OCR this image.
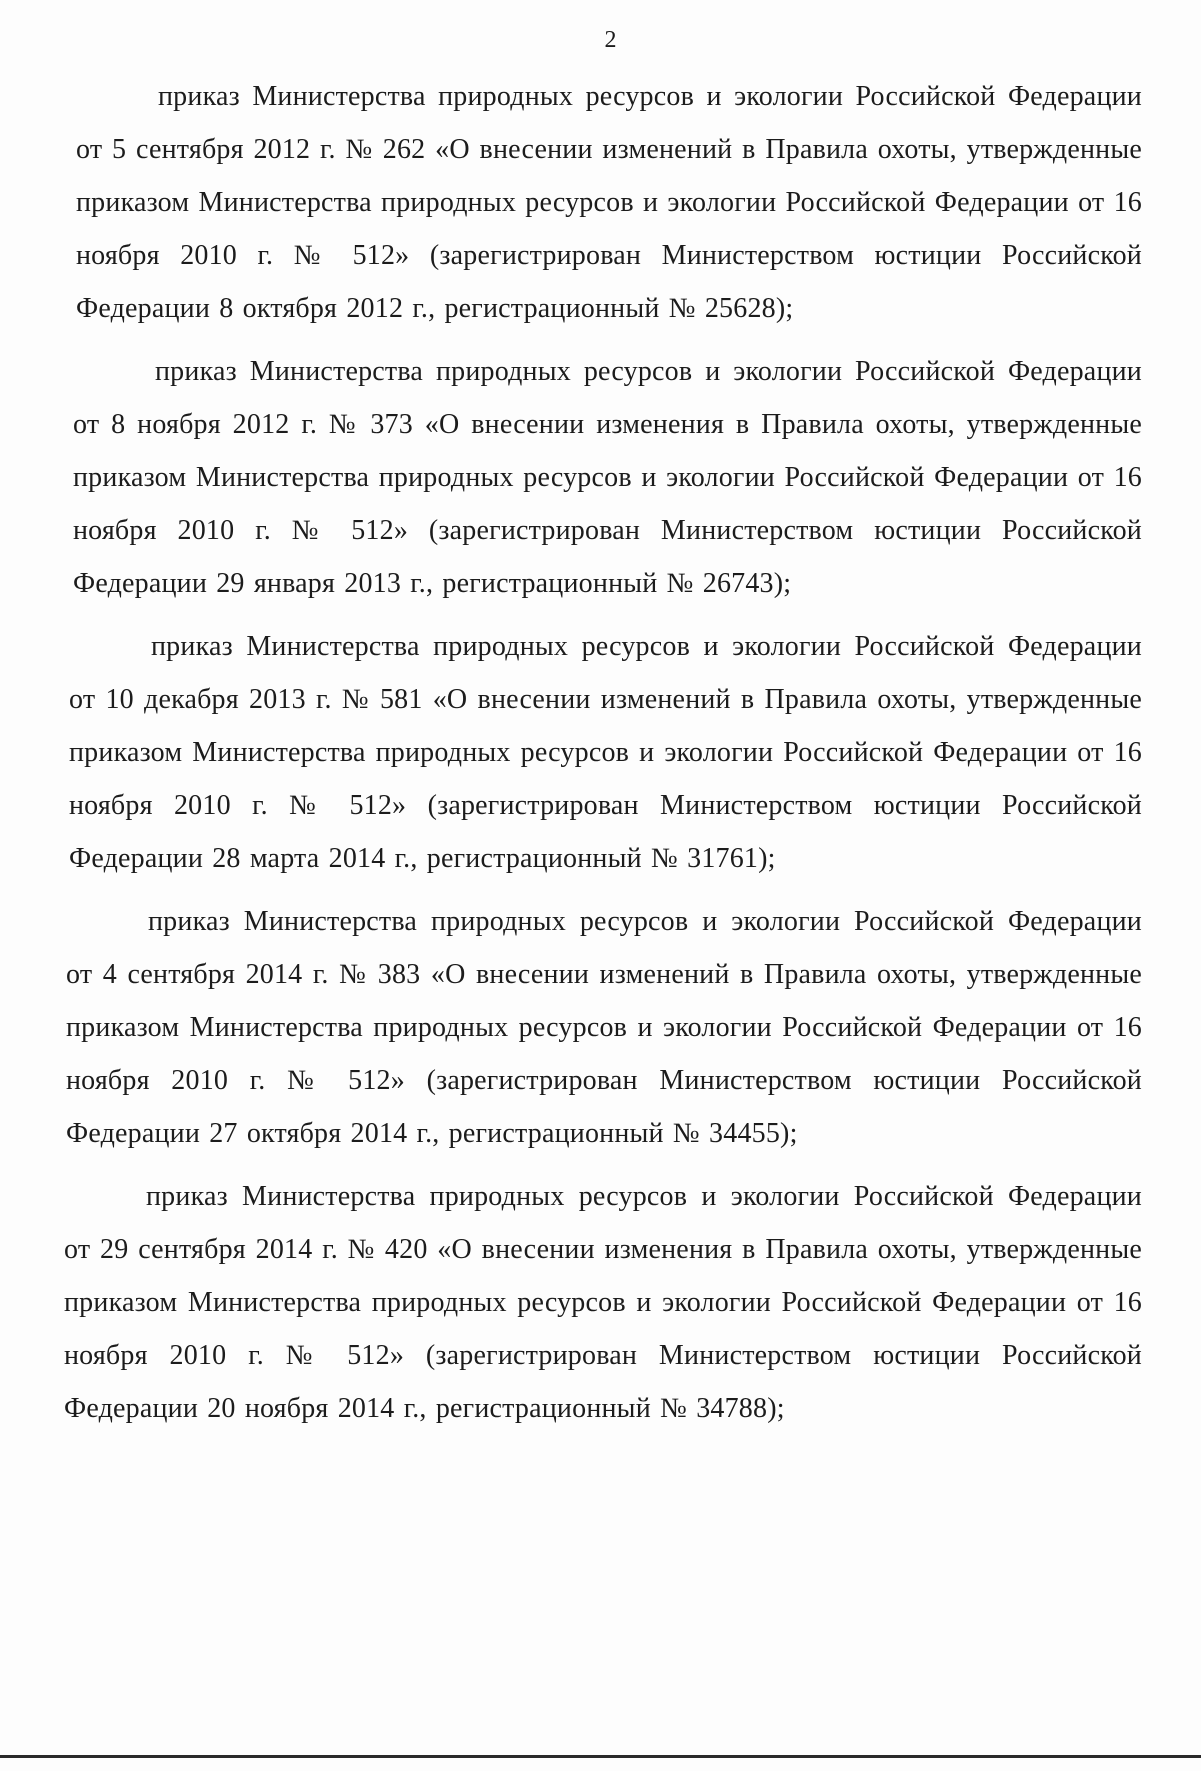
2

приказ Министерства природных ресурсов и экологии Российской Федерации от 5 сентября 2012 г. № 262 «О внесении изменений в Правила охоты, утвержденные приказом Министерства природных ресурсов и экологии Российской Федерации от 16 ноября 2010 г. № 512» (зарегистрирован Министерством юстиции Российской Федерации 8 октября 2012 г., регистрационный № 25628);

приказ Министерства природных ресурсов и экологии Российской Федерации от 8 ноября 2012 г. № 373 «О внесении изменения в Правила охоты, утвержденные приказом Министерства природных ресурсов и экологии Российской Федерации от 16 ноября 2010 г. № 512» (зарегистрирован Министерством юстиции Российской Федерации 29 января 2013 г., регистрационный № 26743);

приказ Министерства природных ресурсов и экологии Российской Федерации от 10 декабря 2013 г. № 581 «О внесении изменений в Правила охоты, утвержденные приказом Министерства природных ресурсов и экологии Российской Федерации от 16 ноября 2010 г. № 512» (зарегистрирован Министерством юстиции Российской Федерации 28 марта 2014 г., регистрационный № 31761);

приказ Министерства природных ресурсов и экологии Российской Федерации от 4 сентября 2014 г. № 383 «О внесении изменений в Правила охоты, утвержденные приказом Министерства природных ресурсов и экологии Российской Федерации от 16 ноября 2010 г. № 512» (зарегистрирован Министерством юстиции Российской Федерации 27 октября 2014 г., регистрационный № 34455);

приказ Министерства природных ресурсов и экологии Российской Федерации от 29 сентября 2014 г. № 420 «О внесении изменения в Правила охоты, утвержденные приказом Министерства природных ресурсов и экологии Российской Федерации от 16 ноября 2010 г. № 512» (зарегистрирован Министерством юстиции Российской Федерации 20 ноября 2014 г., регистрационный № 34788);
